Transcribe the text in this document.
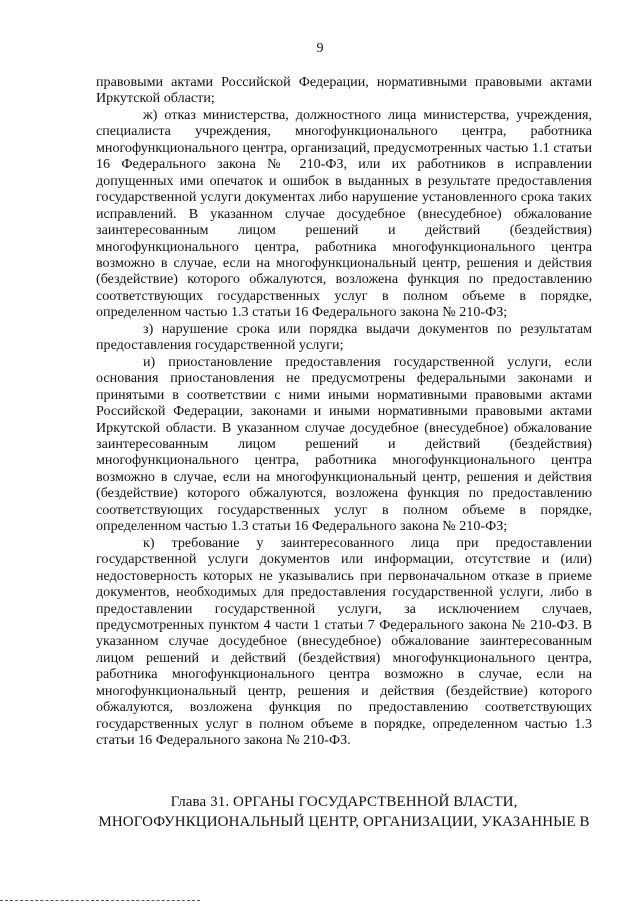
9

правовыми актами Российской Федерации, нормативными правовыми актами Иркутской области;

ж) отказ министерства, должностного лица министерства, учреждения, специалиста учреждения, многофункционального центра, работника многофункционального центра, организаций, предусмотренных частью 1.1 статьи 16 Федерального закона № 210-ФЗ, или их работников в исправлении допущенных ими опечаток и ошибок в выданных в результате предоставления государственной услуги документах либо нарушение установленного срока таких исправлений. В указанном случае досудебное (внесудебное) обжалование заинтересованным лицом решений и действий (бездействия) многофункционального центра, работника многофункционального центра возможно в случае, если на многофункциональный центр, решения и действия (бездействие) которого обжалуются, возложена функция по предоставлению соответствующих государственных услуг в полном объеме в порядке, определенном частью 1.3 статьи 16 Федерального закона № 210-ФЗ;

з) нарушение срока или порядка выдачи документов по результатам предоставления государственной услуги;

и) приостановление предоставления государственной услуги, если основания приостановления не предусмотрены федеральными законами и принятыми в соответствии с ними иными нормативными правовыми актами Российской Федерации, законами и иными нормативными правовыми актами Иркутской области. В указанном случае досудебное (внесудебное) обжалование заинтересованным лицом решений и действий (бездействия) многофункционального центра, работника многофункционального центра возможно в случае, если на многофункциональный центр, решения и действия (бездействие) которого обжалуются, возложена функция по предоставлению соответствующих государственных услуг в полном объеме в порядке, определенном частью 1.3 статьи 16 Федерального закона № 210-ФЗ;

к) требование у заинтересованного лица при предоставлении государственной услуги документов или информации, отсутствие и (или) недостоверность которых не указывались при первоначальном отказе в приеме документов, необходимых для предоставления государственной услуги, либо в предоставлении государственной услуги, за исключением случаев, предусмотренных пунктом 4 части 1 статьи 7 Федерального закона № 210-ФЗ. В указанном случае досудебное (внесудебное) обжалование заинтересованным лицом решений и действий (бездействия) многофункционального центра, работника многофункционального центра возможно в случае, если на многофункциональный центр, решения и действия (бездействие) которого обжалуются, возложена функция по предоставлению соответствующих государственных услуг в полном объеме в порядке, определенном частью 1.3 статьи 16 Федерального закона № 210-ФЗ.

Глава 31. ОРГАНЫ ГОСУДАРСТВЕННОЙ ВЛАСТИ,
МНОГОФУНКЦИОНАЛЬНЫЙ ЦЕНТР, ОРГАНИЗАЦИИ, УКАЗАННЫЕ В
